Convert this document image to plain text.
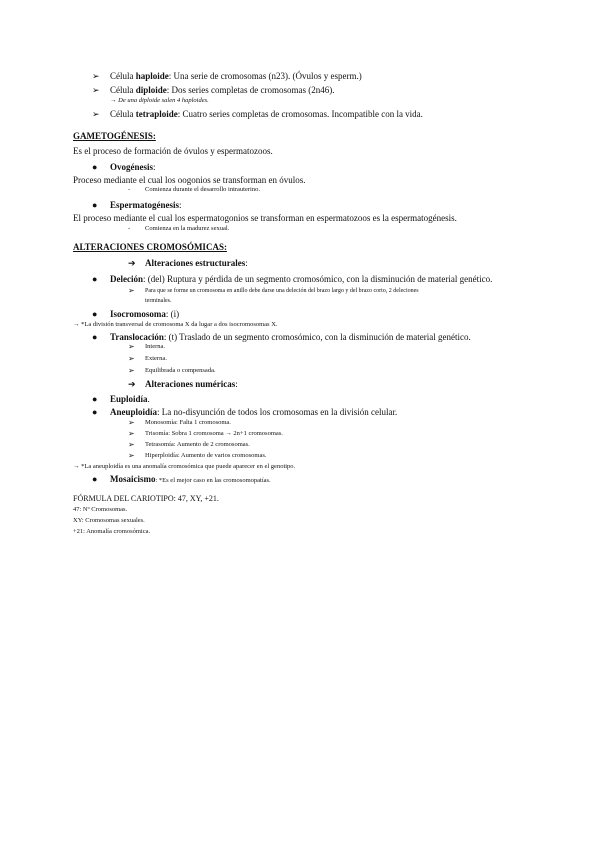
➢ Célula haploide: Una serie de cromosomas (n23). (Óvulos y esperm.)
➢ Célula diploide: Dos series completas de cromosomas (2n46).
→ De una diploide salen 4 haploides.
➢ Célula tetraploide: Cuatro series completas de cromosomas. Incompatible con la vida.
GAMETOGÉNESIS:
Es el proceso de formación de óvulos y espermatozoos.
● Ovogénesis:
Proceso mediante el cual los oogonios se transforman en óvulos.
- Comienza durante el desarrollo intrauterino.
● Espermatogénesis:
El proceso mediante el cual los espermatogonios se transforman en espermatozoos es la espermatogénesis.
- Comienza en la madurez sexual.
ALTERACIONES CROMOSÓMICAS:
➔ Alteraciones estructurales:
● Deleción: (del) Ruptura y pérdida de un segmento cromosómico, con la disminución de material genético.
➢ Para que se forme un cromosoma en anillo debe darse una deleción del brazo largo y del brazo corto, 2 deleciones
terminales.
● Isocromosoma: (i)
→ *La división transversal de cromosoma X da lugar a dos isocromosomas X.
● Translocación: (t) Traslado de un segmento cromosómico, con la disminución de material genético.
➢ Interna.
➢ Externa.
➢ Equilibrada o compensada.
➔ Alteraciones numéricas:
● Euploidía.
● Aneuploidía: La no-disyunción de todos los cromosomas en la división celular.
➢ Monosomía: Falta 1 cromosoma.
➢ Trisomía: Sobra 1 cromosoma → 2n+1 cromosomas.
➢ Tetrasomía: Aumento de 2 cromosomas.
➢ Hiperploidía: Aumento de varios cromosomas.
→ *La aneuploidía es una anomalía cromosómica que puede aparecer en el genotipo.
● Mosaicismo: *Es el mejor caso en las cromosomopatías.
FÓRMULA DEL CARIOTIPO: 47, XY, +21.
47: Nº Cromosomas.
XY: Cromosomas sexuales.
+21: Anomalía cromosómica.
